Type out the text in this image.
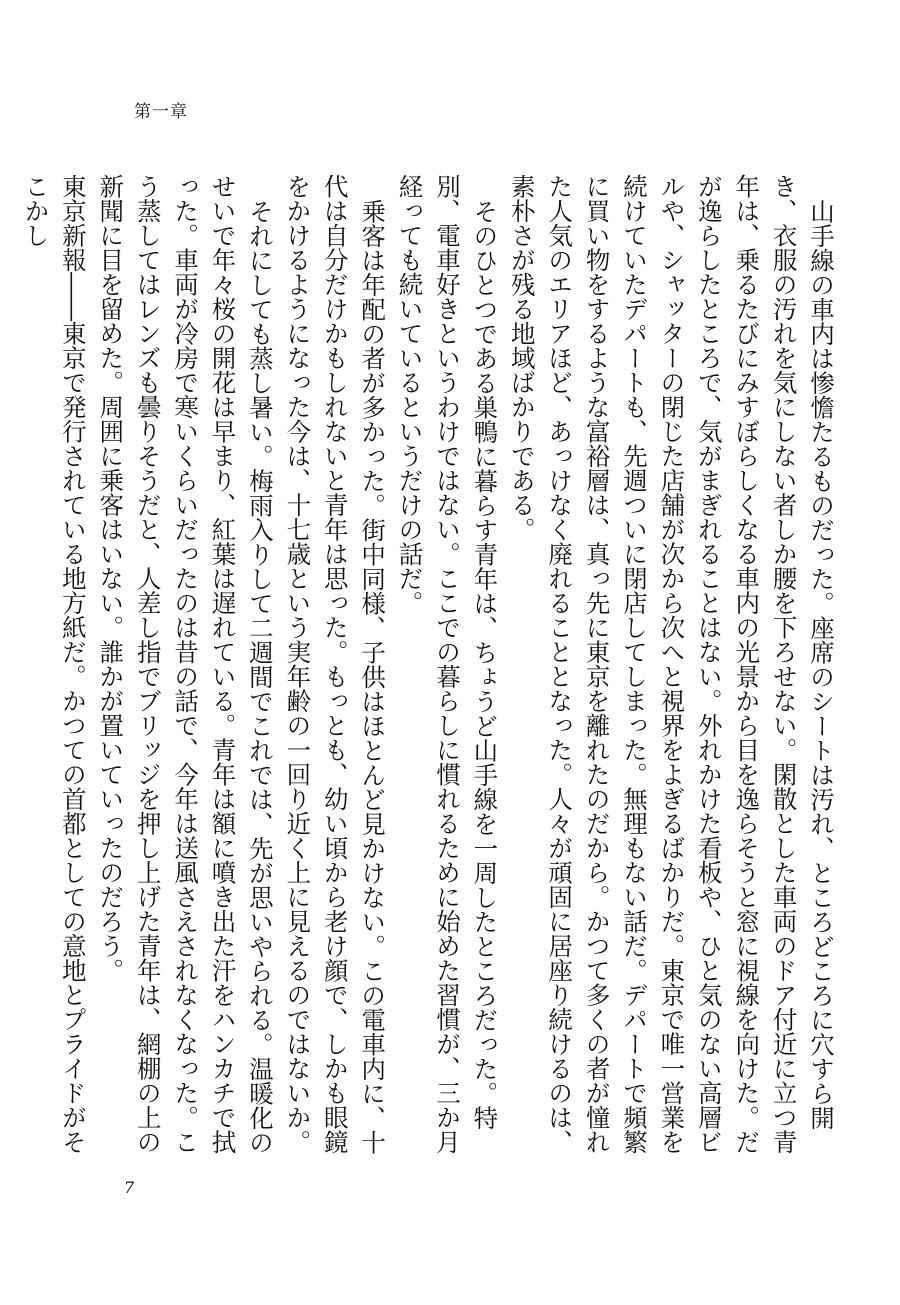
第一章

山手線の車内は惨憺たるものだった。座席のシートは汚れ、ところどころに穴すら開き、衣服の汚れを気にしない者しか腰を下ろせない。閑散とした車両のドア付近に立つ青年は、乗るたびにみすぼらしくなる車内の光景から目を逸らそうと窓に視線を向けた。だが逸らしたところで、気がまぎれることはない。外れかけた看板や、ひと気のない高層ビルや、シャッターの閉じた店舗が次から次へと視界をよぎるばかりだ。東京で唯一営業を続けていたデパートも、先週ついに閉店してしまった。無理もない話だ。デパートで頻繁に買い物をするような富裕層は、真っ先に東京を離れたのだから。かつて多くの者が憧れた人気のエリアほど、あっけなく廃れることとなった。人々が頑固に居座り続けるのは、素朴さが残る地域ばかりである。

そのひとつである巣鴨に暮らす青年は、ちょうど山手線を一周したところだった。特別、電車好きというわけではない。ここでの暮らしに慣れるために始めた習慣が、三か月経っても続いているというだけの話だ。

乗客は年配の者が多かった。街中同様、子供はほとんど見かけない。この電車内に、十代は自分だけかもしれないと青年は思った。もっとも、幼い頃から老け顔で、しかも眼鏡をかけるようになった今は、十七歳という実年齢の一回り近く上に見えるのではないか。

それにしても蒸し暑い。梅雨入りして二週間でこれでは、先が思いやられる。温暖化のせいで年々桜の開花は早まり、紅葉は遅れている。青年は額に噴き出た汗をハンカチで拭った。車両が冷房で寒いくらいだったのは昔の話で、今年は送風さえされなくなった。こう蒸してはレンズも曇りそうだと、人差し指でブリッジを押し上げた青年は、網棚の上の新聞に目を留めた。周囲に乗客はいない。誰かが置いていったのだろう。

東京新報――東京で発行されている地方紙だ。かつての首都としての意地とプライドがそこかし

7
